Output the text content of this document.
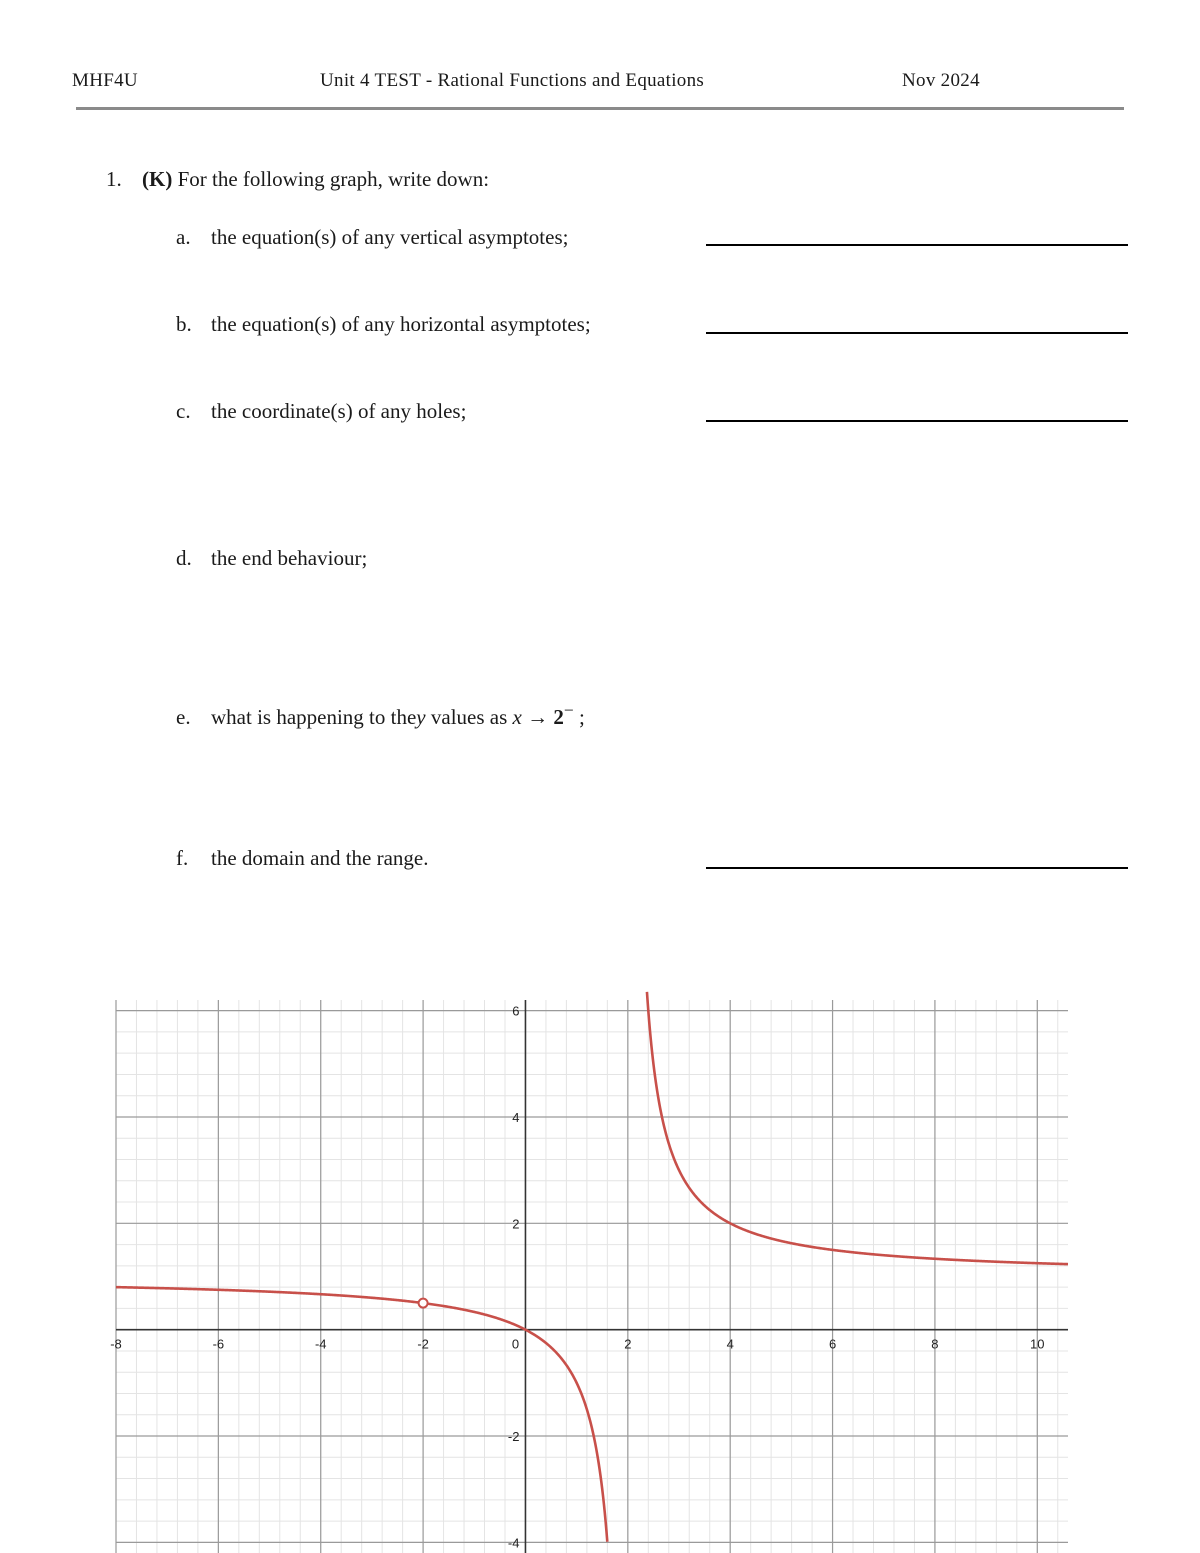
MHF4U	Unit 4 TEST - Rational Functions and Equations	Nov 2024
1. (K) For the following graph, write down:
a. the equation(s) of any vertical asymptotes;
b. the equation(s) of any horizontal asymptotes;
c. the coordinate(s) of any holes;
d. the end behaviour;
e. what is happening to they values as x → 2− ;
f. the domain and the range.
-8	-6	-4	-2	0	2	4	6	8	10
6
4
2
-2
-4
